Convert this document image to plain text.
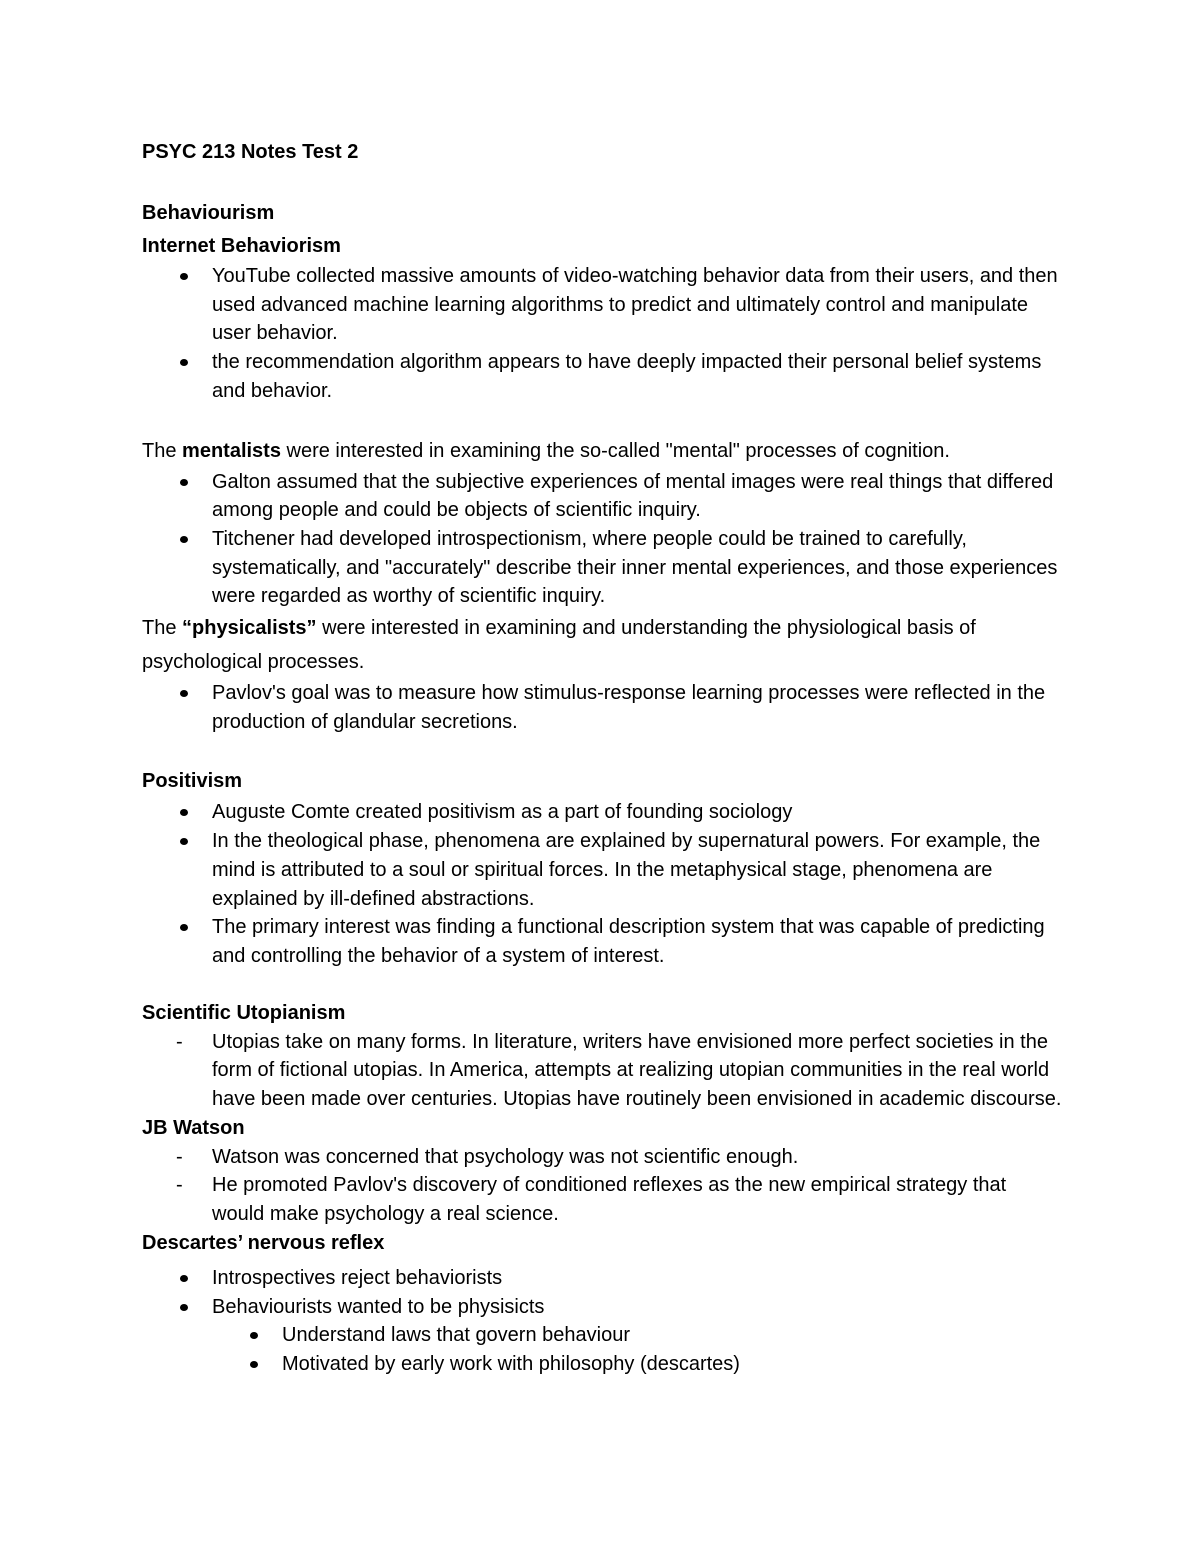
PSYC 213 Notes Test 2

Behaviourism

Internet Behaviorism

YouTube collected massive amounts of video-watching behavior data from their users, and then used advanced machine learning algorithms to predict and ultimately control and manipulate user behavior.
the recommendation algorithm appears to have deeply impacted their personal belief systems and behavior.

The mentalists were interested in examining the so-called "mental" processes of cognition.

Galton assumed that the subjective experiences of mental images were real things that differed among people and could be objects of scientific inquiry.
Titchener had developed introspectionism, where people could be trained to carefully, systematically, and "accurately" describe their inner mental experiences, and those experiences were regarded as worthy of scientific inquiry.

The “physicalists” were interested in examining and understanding the physiological basis of psychological processes.

Pavlov's goal was to measure how stimulus-response learning processes were reflected in the production of glandular secretions.

Positivism

Auguste Comte created positivism as a part of founding sociology
In the theological phase, phenomena are explained by supernatural powers. For example, the mind is attributed to a soul or spiritual forces. In the metaphysical stage, phenomena are explained by ill-defined abstractions.
The primary interest was finding a functional description system that was capable of predicting and controlling the behavior of a system of interest.

Scientific Utopianism

-
Utopias take on many forms. In literature, writers have envisioned more perfect societies in the form of fictional utopias. In America, attempts at realizing utopian communities in the real world have been made over centuries. Utopias have routinely been envisioned in academic discourse.

JB Watson

-
Watson was concerned that psychology was not scientific enough.
-
He promoted Pavlov's discovery of conditioned reflexes as the new empirical strategy that would make psychology a real science.

Descartes’ nervous reflex

Introspectives reject behaviorists
Behaviourists wanted to be physisicts
Understand laws that govern behaviour
Motivated by early work with philosophy (descartes)
